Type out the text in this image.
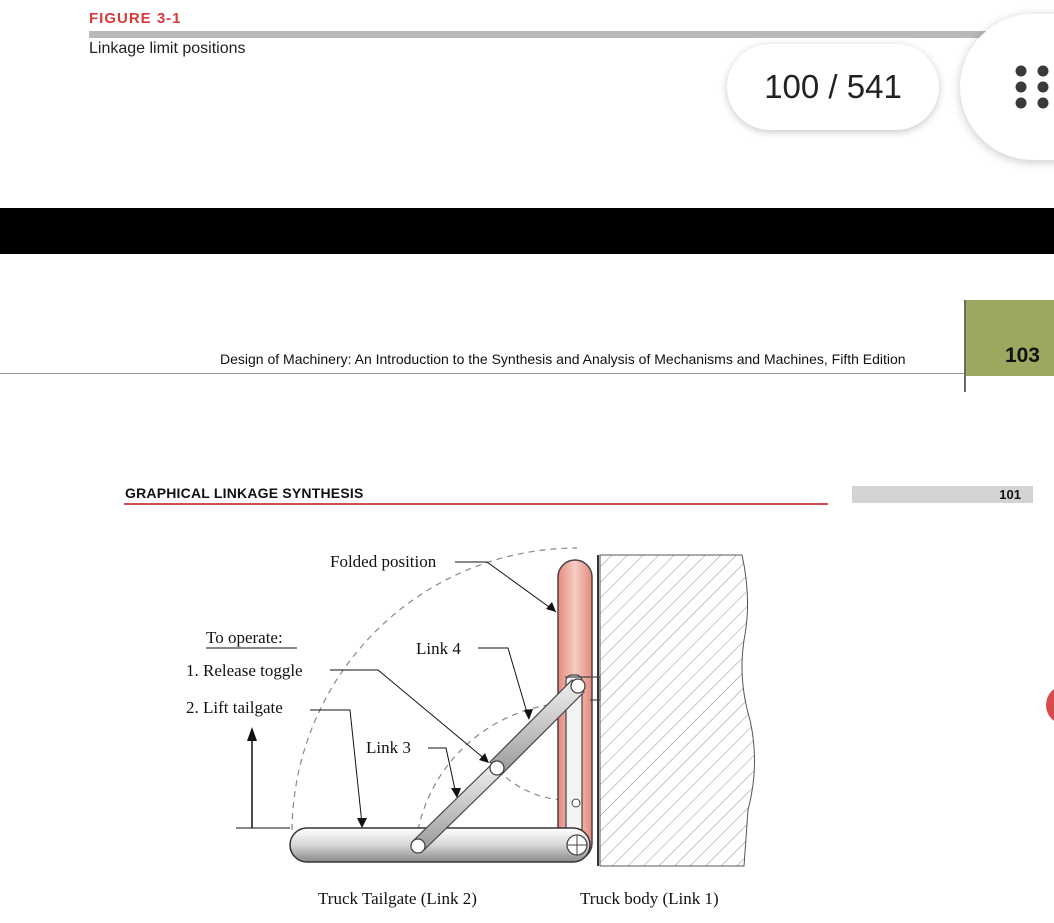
FIGURE 3-1
Linkage limit positions
100 / 541
Design of Machinery: An Introduction to the Synthesis and Analysis of Mechanisms and Machines, Fifth Edition	103
GRAPHICAL LINKAGE SYNTHESIS	101
Folded position
To operate:
1. Release toggle
2. Lift tailgate
Link 4
Link 3
Truck Tailgate (Link 2)	Truck body (Link 1)
